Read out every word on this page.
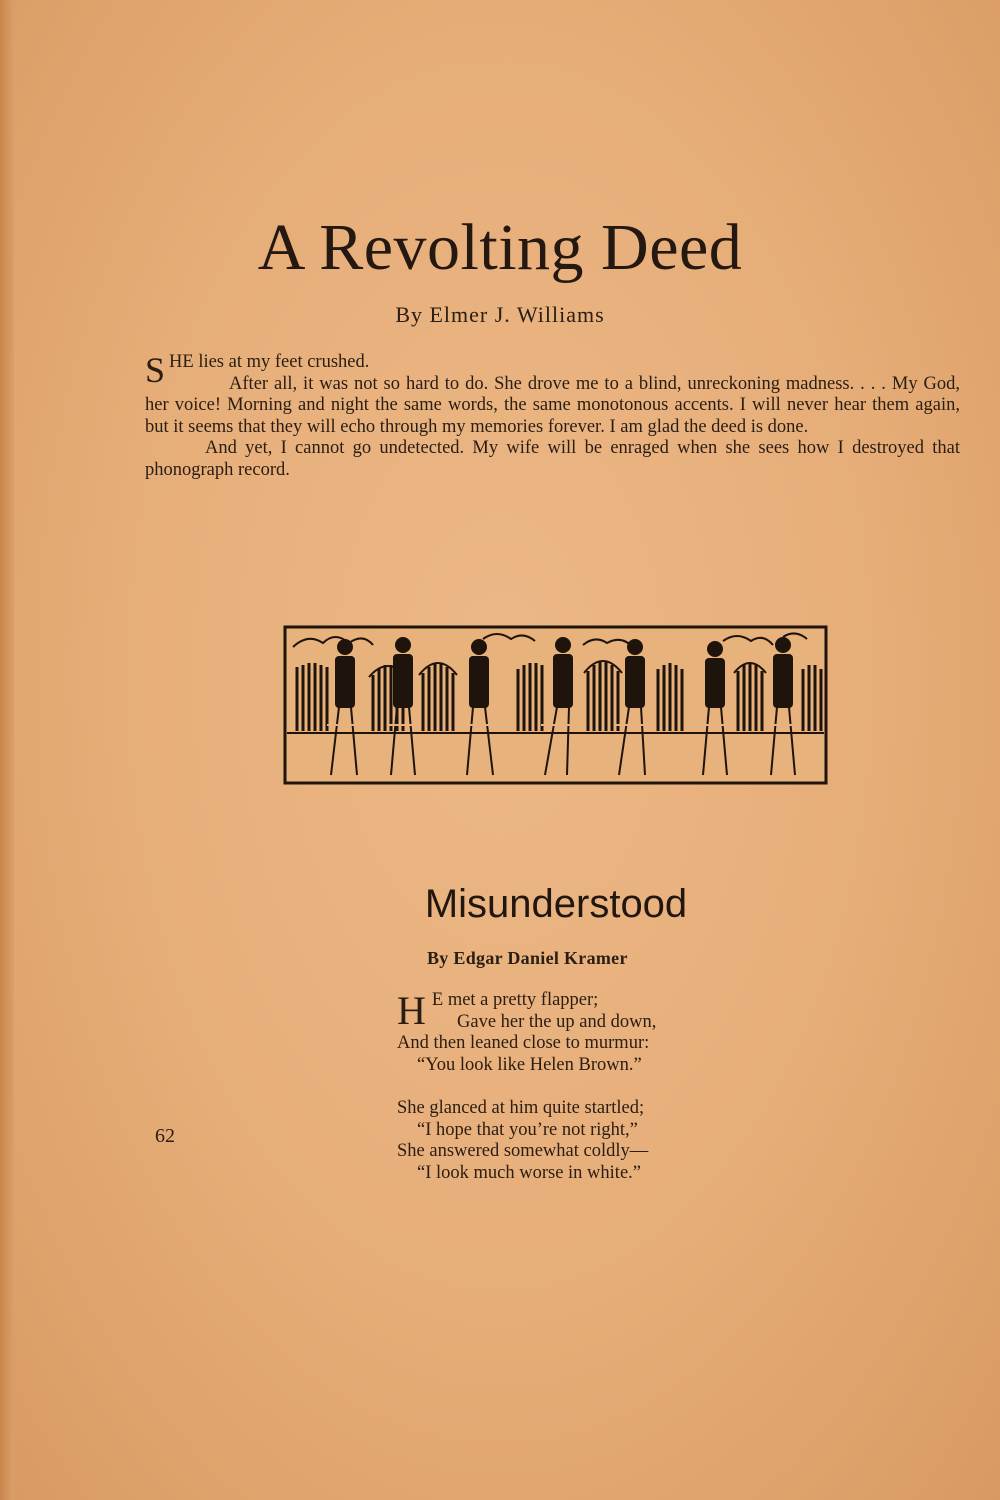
A Revolting Deed
By Elmer J. Williams

SHE lies at my feet crushed.

After all, it was not so hard to do. She drove me to a blind, unreckoning madness. . . . My God, her voice! Morning and night the same words, the same monotonous accents. I will never hear them again, but it seems that they will echo through my memories forever. I am glad the deed is done.

And yet, I cannot go undetected. My wife will be enraged when she sees how I destroyed that phonograph record.

Misunderstood
By Edgar Daniel Kramer
H E met a pretty flapper;
Gave her the up and down,
And then leaned close to murmur:
“You look like Helen Brown.”
She glanced at him quite startled;
“I hope that you’re not right,”
She answered somewhat coldly—
“I look much worse in white.”
62
